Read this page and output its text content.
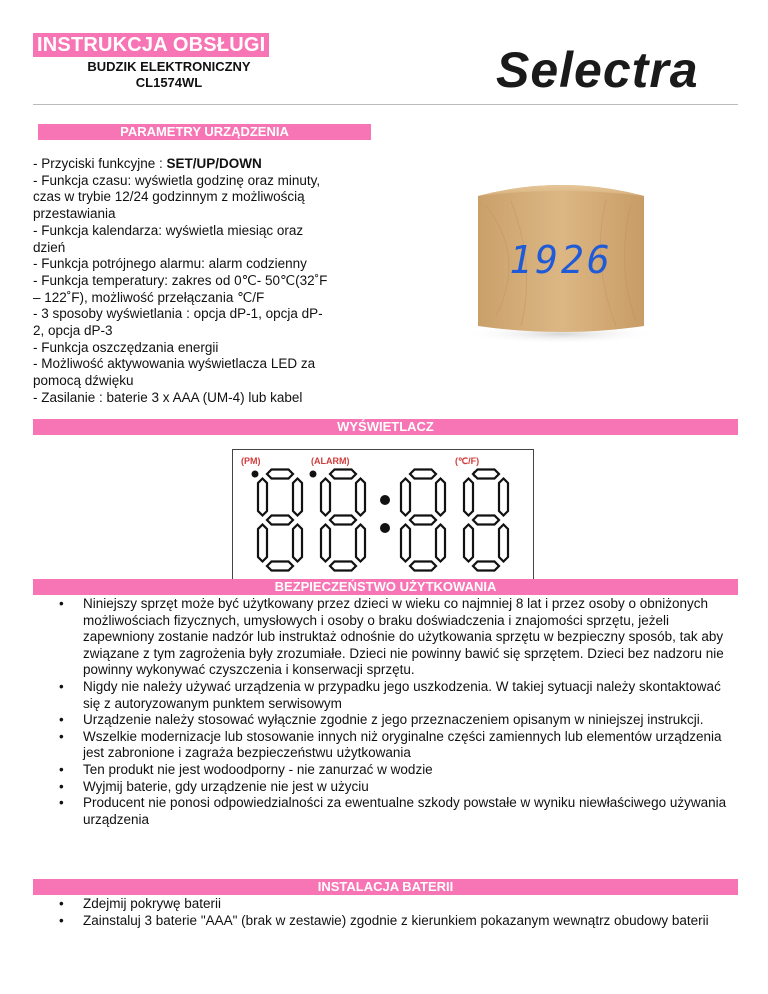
INSTRUKCJA OBSŁUGI
BUDZIK ELEKTRONICZNY
CL1574WL	Selectra
PARAMETRY URZĄDZENIA
- Przyciski funkcyjne : SET/UP/DOWN
- Funkcja czasu: wyświetla godzinę oraz minuty,
czas w trybie 12/24 godzinnym z możliwością
przestawiania
- Funkcja kalendarza: wyświetla miesiąc oraz
dzień
- Funkcja potrójnego alarmu: alarm codzienny
- Funkcja temperatury: zakres od 0℃- 50℃(32˚F
– 122˚F), możliwość przełączania ℃/F
- 3 sposoby wyświetlania : opcja dP-1, opcja dP-
2, opcja dP-3
- Funkcja oszczędzania energii
- Możliwość aktywowania wyświetlacza LED za
pomocą dźwięku
- Zasilanie : baterie 3 x AAA (UM-4) lub kabel
1926
WYŚWIETLACZ
(PM)	(ALARM)	(℃/F)
BEZPIECZEŃSTWO UŻYTKOWANIA
• Niniejszy sprzęt może być użytkowany przez dzieci w wieku co najmniej 8 lat i przez osoby o obniżonych możliwościach fizycznych, umysłowych i osoby o braku doświadczenia i znajomości sprzętu, jeżeli zapewniony zostanie nadzór lub instruktaż odnośnie do użytkowania sprzętu w bezpieczny sposób, tak aby związane z tym zagrożenia były zrozumiałe. Dzieci nie powinny bawić się sprzętem. Dzieci bez nadzoru nie powinny wykonywać czyszczenia i konserwacji sprzętu.
• Nigdy nie należy używać urządzenia w przypadku jego uszkodzenia. W takiej sytuacji należy skontaktować się z autoryzowanym punktem serwisowym
• Urządzenie należy stosować wyłącznie zgodnie z jego przeznaczeniem opisanym w niniejszej instrukcji.
• Wszelkie modernizacje lub stosowanie innych niż oryginalne części zamiennych lub elementów urządzenia jest zabronione i zagraża bezpieczeństwu użytkowania
• Ten produkt nie jest wodoodporny - nie zanurzać w wodzie
• Wyjmij baterie, gdy urządzenie nie jest w użyciu
• Producent nie ponosi odpowiedzialności za ewentualne szkody powstałe w wyniku niewłaściwego używania urządzenia
INSTALACJA BATERII
• Zdejmij pokrywę baterii
• Zainstaluj 3 baterie "AAA" (brak w zestawie) zgodnie z kierunkiem pokazanym wewnątrz obudowy baterii
